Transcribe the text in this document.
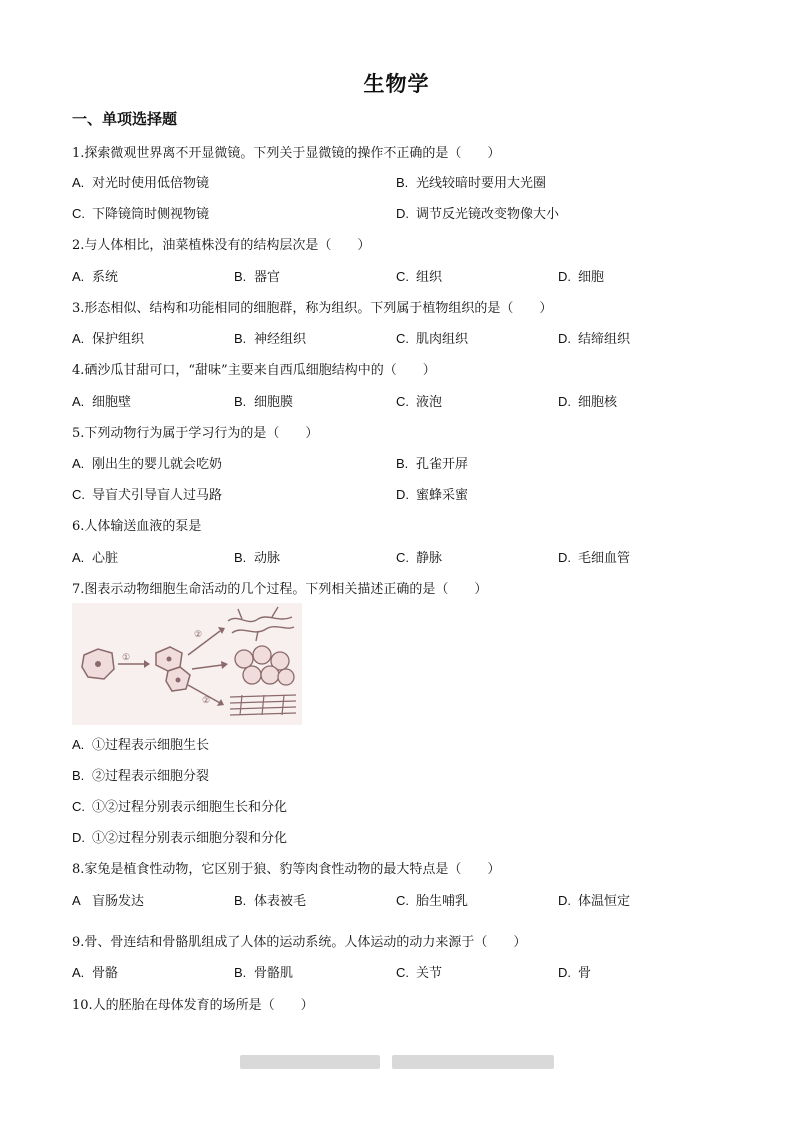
生物学
一、单项选择题
1.探索微观世界离不开显微镜。下列关于显微镜的操作不正确的是（　　）
A. 对光时使用低倍物镜	B. 光线较暗时要用大光圈
C. 下降镜筒时侧视物镜	D. 调节反光镜改变物像大小
2.与人体相比，油菜植株没有的结构层次是（　　）
A. 系统	B. 器官	C. 组织	D. 细胞
3.形态相似、结构和功能相同的细胞群，称为组织。下列属于植物组织的是（　　）
A. 保护组织	B. 神经组织	C. 肌肉组织	D. 结缔组织
4.硒沙瓜甘甜可口，“甜味”主要来自西瓜细胞结构中的（　　）
A. 细胞壁	B. 细胞膜	C. 液泡	D. 细胞核
5.下列动物行为属于学习行为的是（　　）
A. 刚出生的婴儿就会吃奶	B. 孔雀开屏
C. 导盲犬引导盲人过马路	D. 蜜蜂采蜜
6.人体输送血液的泵是
A. 心脏	B. 动脉	C. 静脉	D. 毛细血管
7.图表示动物细胞生命活动的几个过程。下列相关描述正确的是（　　）
①
②
②
A. ①过程表示细胞生长
B. ②过程表示细胞分裂
C. ①②过程分别表示细胞生长和分化
D. ①②过程分别表示细胞分裂和分化
8.家兔是植食性动物，它区别于狼、豹等肉食性动物的最大特点是（　　）
A 盲肠发达	B. 体表被毛	C. 胎生哺乳	D. 体温恒定
9.骨、骨连结和骨骼肌组成了人体的运动系统。人体运动的动力来源于（　　）
A. 骨骼	B. 骨骼肌	C. 关节	D. 骨
10.人的胚胎在母体发育的场所是（　　）
